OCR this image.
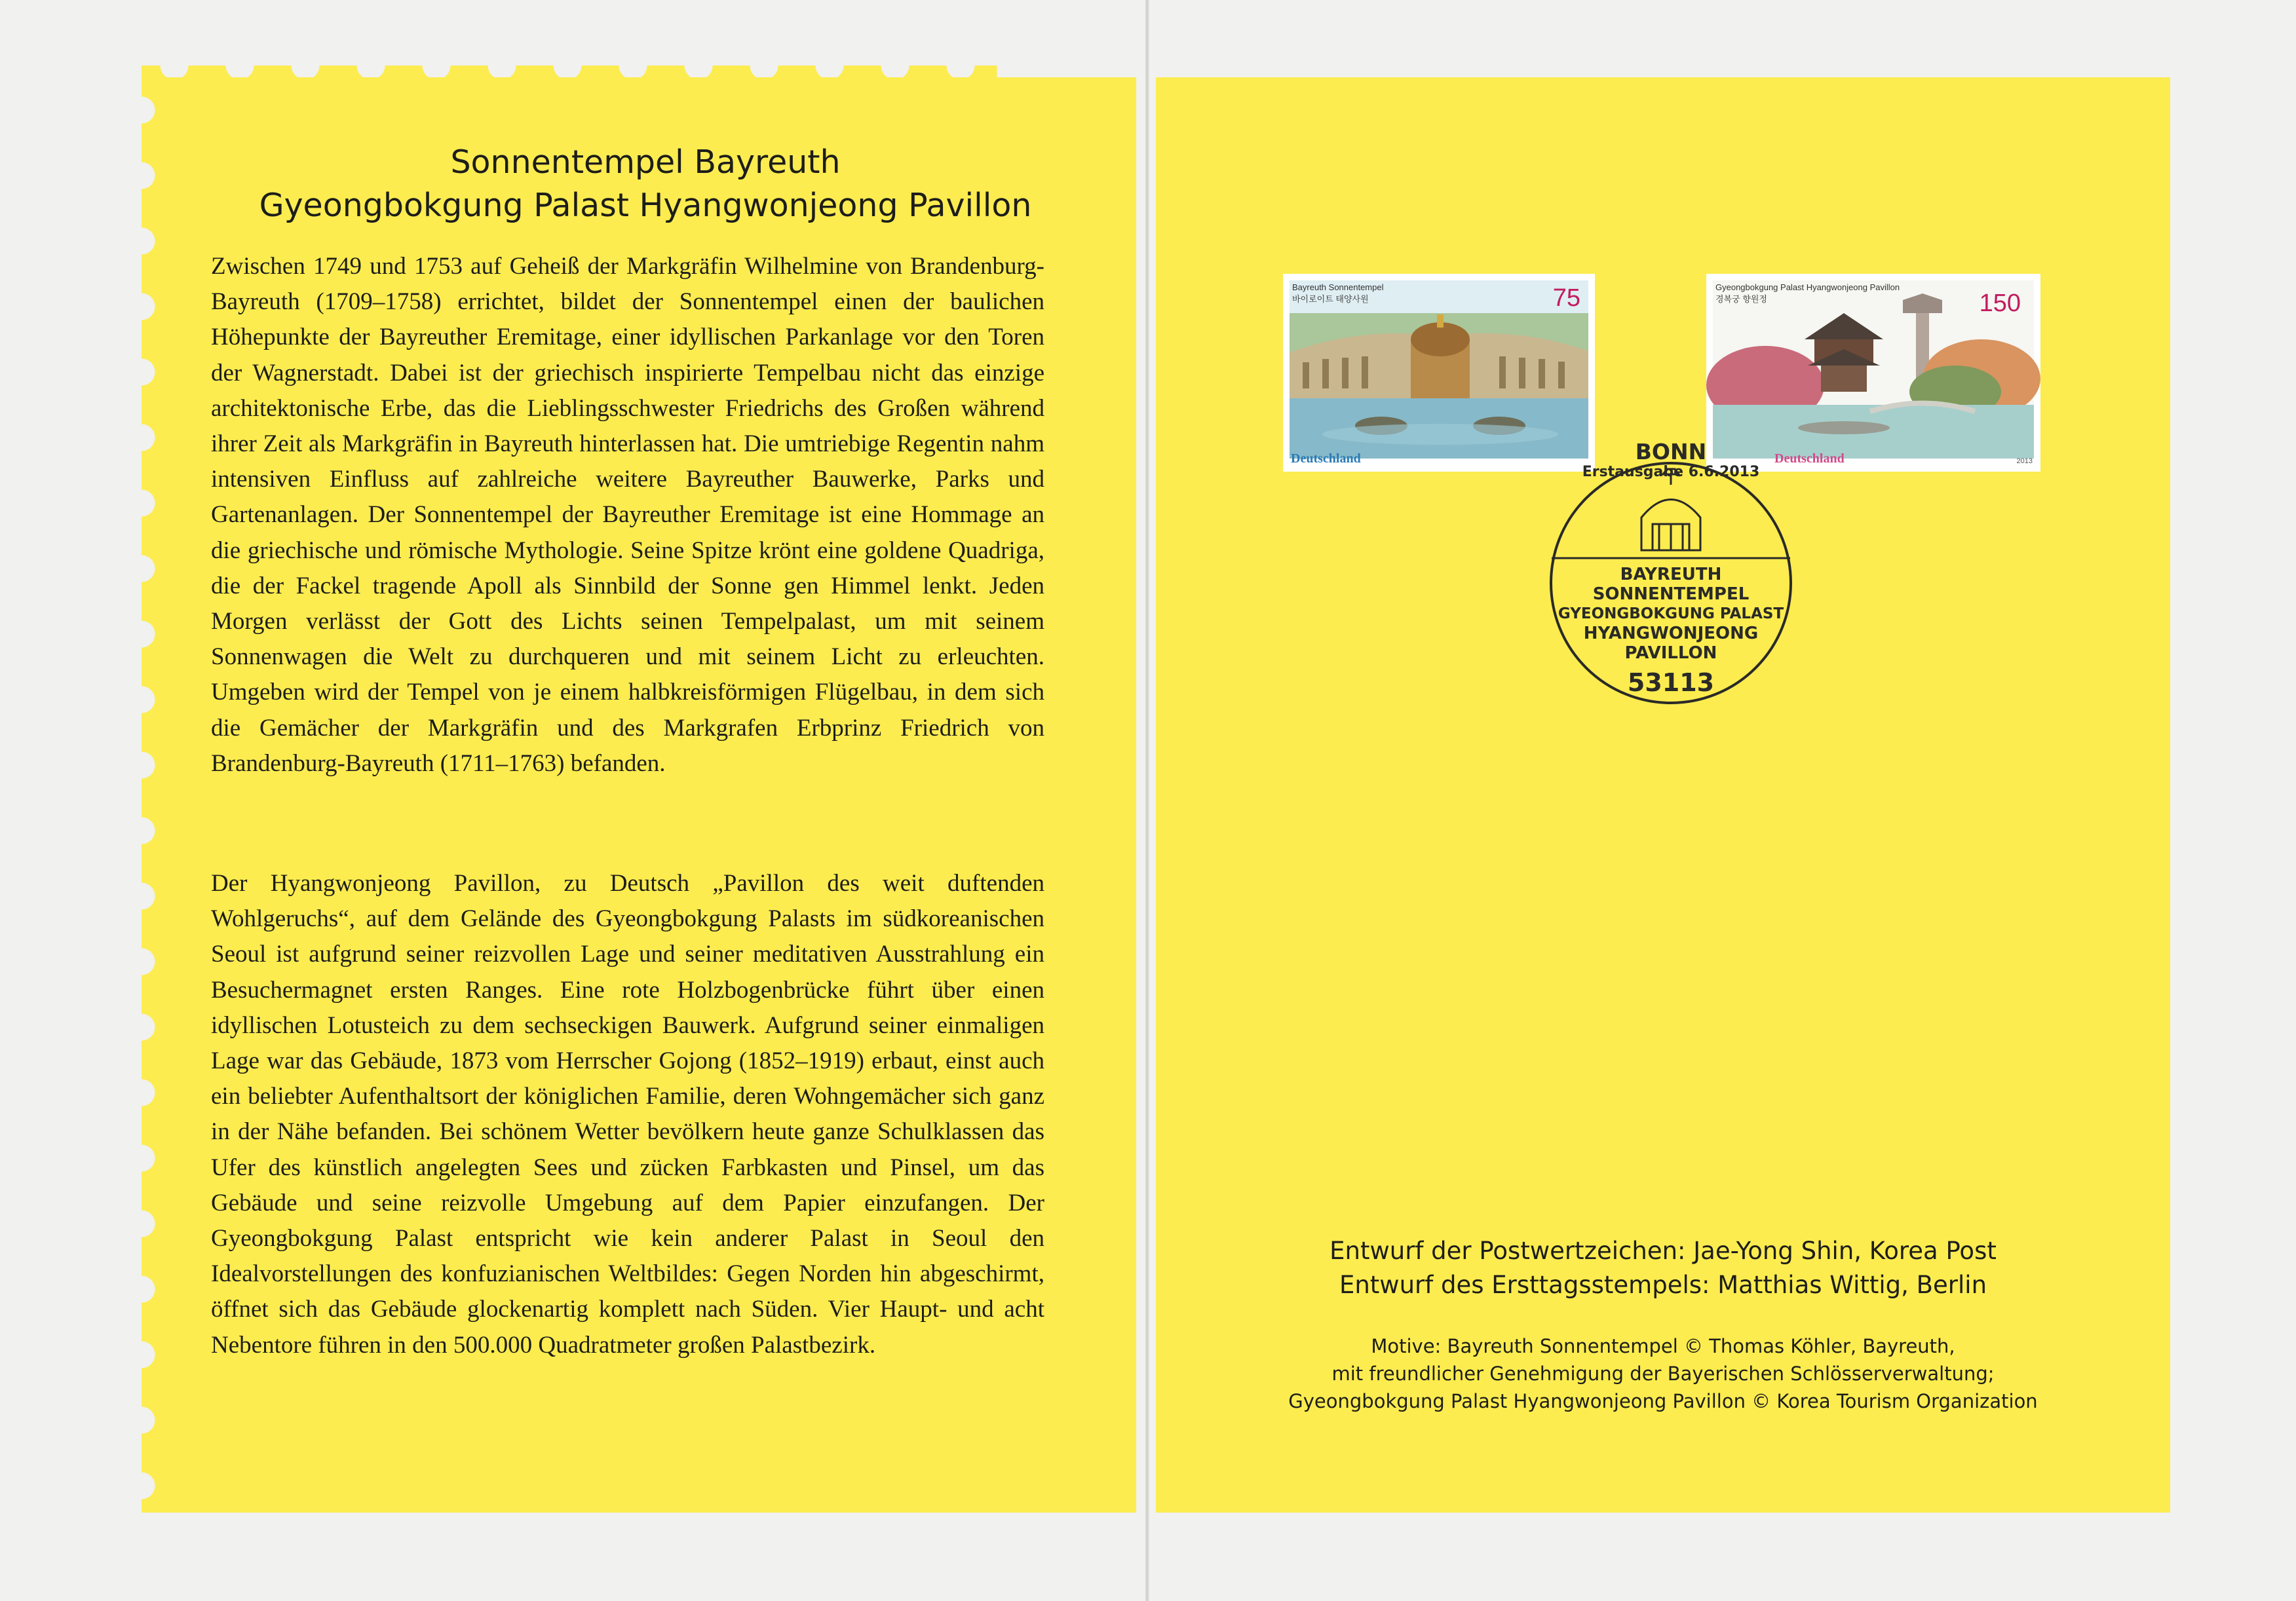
Sonnentempel Bayreuth
Gyeongbokgung Palast Hyangwonjeong Pavillon

Zwischen 1749 und 1753 auf Geheiß der Markgräfin Wilhelmine von Brandenburg-Bayreuth (1709–1758) errichtet, bildet der Sonnentempel einen der baulichen Höhepunkte der Bayreuther Eremitage, einer idyllischen Parkanlage vor den Toren der Wagnerstadt. Dabei ist der griechisch inspirierte Tempelbau nicht das einzige architektonische Erbe, das die Lieblingsschwester Friedrichs des Großen während ihrer Zeit als Markgräfin in Bayreuth hinterlassen hat. Die umtriebige Regentin nahm intensiven Einfluss auf zahlreiche weitere Bayreuther Bauwerke, Parks und Gartenanlagen. Der Sonnentempel der Bayreuther Eremitage ist eine Hommage an die griechische und römische Mythologie. Seine Spitze krönt eine goldene Quadriga, die der Fackel tragende Apoll als Sinnbild der Sonne gen Himmel lenkt. Jeden Morgen verlässt der Gott des Lichts seinen Tempelpalast, um mit seinem Sonnenwagen die Welt zu durchqueren und mit seinem Licht zu erleuchten. Umgeben wird der Tempel von je einem halbkreisförmigen Flügelbau, in dem sich die Gemächer der Markgräfin und des Markgrafen Erbprinz Friedrich von Brandenburg-Bayreuth (1711–1763) befanden.

Der Hyangwonjeong Pavillon, zu Deutsch „Pavillon des weit duftenden Wohlgeruchs“, auf dem Gelände des Gyeongbokgung Palasts im südkoreanischen Seoul ist aufgrund seiner reizvollen Lage und seiner meditativen Ausstrahlung ein Besuchermagnet ersten Ranges. Eine rote Holzbogenbrücke führt über einen idyllischen Lotusteich zu dem sechseckigen Bauwerk. Aufgrund seiner einmaligen Lage war das Gebäude, 1873 vom Herrscher Gojong (1852–1919) erbaut, einst auch ein beliebter Aufenthaltsort der königlichen Familie, deren Wohngemächer sich ganz in der Nähe befanden. Bei schönem Wetter bevölkern heute ganze Schulklassen das Ufer des künstlich angelegten Sees und zücken Farbkasten und Pinsel, um das Gebäude und seine reizvolle Umgebung auf dem Papier einzufangen. Der Gyeongbokgung Palast entspricht wie kein anderer Palast in Seoul den Idealvorstellungen des konfuzianischen Weltbildes: Gegen Norden hin abgeschirmt, öffnet sich das Gebäude glockenartig komplett nach Süden. Vier Haupt- und acht Nebentore führen in den 500.000 Quadratmeter großen Palastbezirk.

Bayreuth Sonnentempel
바이로이트 태양사원	75
Deutschland
Gyeongbokgung Palast Hyangwonjeong Pavillon
경복궁 향원정	150
Deutschland	2013
BONN
Erstausgabe 6.6.2013
BAYREUTH
SONNENTEMPEL
GYEONGBOKGUNG PALAST
HYANGWONJEONG
PAVILLON
53113
Entwurf der Postwertzeichen: Jae-Yong Shin, Korea Post
Entwurf des Ersttagsstempels: Matthias Wittig, Berlin
Motive: Bayreuth Sonnentempel © Thomas Köhler, Bayreuth,
mit freundlicher Genehmigung der Bayerischen Schlösserverwaltung;
Gyeongbokgung Palast Hyangwonjeong Pavillon © Korea Tourism Organization
